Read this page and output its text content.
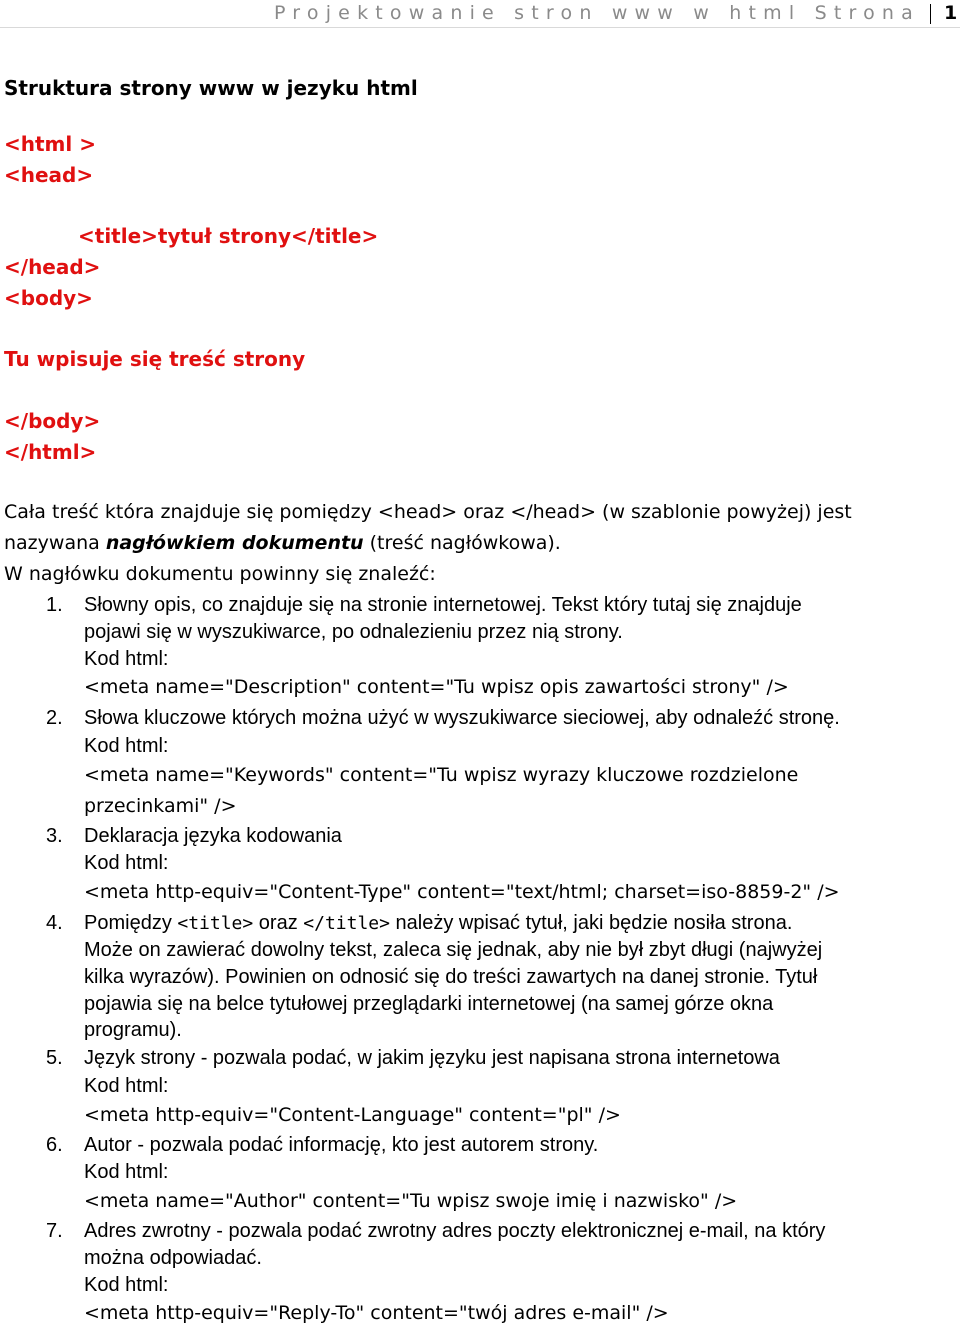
Projektowanie stron www w html Strona 1
Struktura strony www w jezyku html
<html >
<head>
<title>tytuł strony</title>
</head>
<body>
Tu wpisuje się treść strony
</body>
</html>
Cała treść która znajduje się pomiędzy <head> oraz </head> (w szablonie powyżej) jest
nazywana nagłówkiem dokumentu (treść nagłówkowa).
W nagłówku dokumentu powinny się znaleźć:
1. Słowny opis, co znajduje się na stronie internetowej. Tekst który tutaj się znajduje
pojawi się w wyszukiwarce, po odnalezieniu przez nią strony.
Kod html:
<meta name="Description" content="Tu wpisz opis zawartości strony" />
2. Słowa kluczowe których można użyć w wyszukiwarce sieciowej, aby odnaleźć stronę.
Kod html:
<meta name="Keywords" content="Tu wpisz wyrazy kluczowe rozdzielone
przecinkami" />
3. Deklaracja języka kodowania
Kod html:
<meta http-equiv="Content-Type" content="text/html; charset=iso-8859-2" />
4. Pomiędzy <title> oraz </title> należy wpisać tytuł, jaki będzie nosiła strona.
Może on zawierać dowolny tekst, zaleca się jednak, aby nie był zbyt długi (najwyżej
kilka wyrazów). Powinien on odnosić się do treści zawartych na danej stronie. Tytuł
pojawia się na belce tytułowej przeglądarki internetowej (na samej górze okna
programu).
5. Język strony - pozwala podać, w jakim języku jest napisana strona internetowa
Kod html:
<meta http-equiv="Content-Language" content="pl" />
6. Autor - pozwala podać informację, kto jest autorem strony.
Kod html:
<meta name="Author" content="Tu wpisz swoje imię i nazwisko" />
7. Adres zwrotny - pozwala podać zwrotny adres poczty elektronicznej e-mail, na który
można odpowiadać.
Kod html:
<meta http-equiv="Reply-To" content="twój adres e-mail" />
